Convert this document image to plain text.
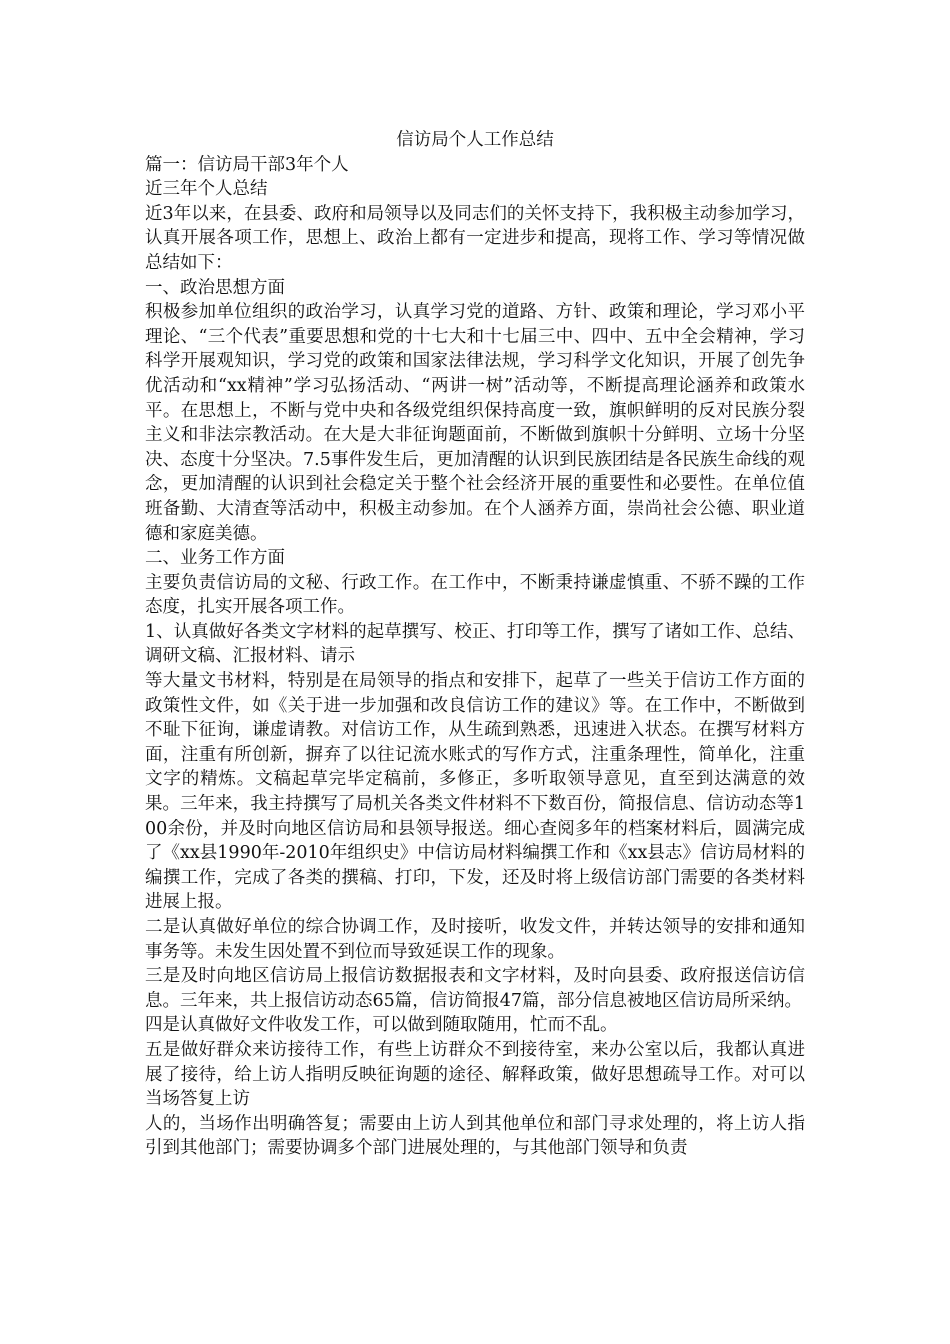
信访局个人工作总结

篇一：信访局干部3年个人

近三年个人总结

近3年以来，在县委、政府和局领导以及同志们的关怀支持下，我积极主动参加学习，认真开展各项工作，思想上、政治上都有一定进步和提高，现将工作、学习等情况做总结如下：

一、政治思想方面

积极参加单位组织的政治学习，认真学习党的道路、方针、政策和理论，学习邓小平理论、“三个代表”重要思想和党的十七大和十七届三中、四中、五中全会精神，学习科学开展观知识，学习党的政策和国家法律法规，学习科学文化知识，开展了创先争优活动和“xx精神”学习弘扬活动、“两讲一树”活动等，不断提高理论涵养和政策水平。在思想上，不断与党中央和各级党组织保持高度一致，旗帜鲜明的反对民族分裂主义和非法宗教活动。在大是大非征询题面前，不断做到旗帜十分鲜明、立场十分坚决、态度十分坚决。7.5事件发生后，更加清醒的认识到民族团结是各民族生命线的观念，更加清醒的认识到社会稳定关于整个社会经济开展的重要性和必要性。在单位值班备勤、大清查等活动中，积极主动参加。在个人涵养方面，崇尚社会公德、职业道德和家庭美德。

二、业务工作方面

主要负责信访局的文秘、行政工作。在工作中，不断秉持谦虚慎重、不骄不躁的工作态度，扎实开展各项工作。

1、认真做好各类文字材料的起草撰写、校正、打印等工作，撰写了诸如工作、总结、调研文稿、汇报材料、请示

等大量文书材料，特别是在局领导的指点和安排下，起草了一些关于信访工作方面的政策性文件，如《关于进一步加强和改良信访工作的建议》等。在工作中，不断做到不耻下征询，谦虚请教。对信访工作，从生疏到熟悉，迅速进入状态。在撰写材料方面，注重有所创新，摒弃了以往记流水账式的写作方式，注重条理性，简单化，注重文字的精炼。文稿起草完毕定稿前，多修正，多听取领导意见，直至到达满意的效果。三年来，我主持撰写了局机关各类文件材料不下数百份，简报信息、信访动态等100余份，并及时向地区信访局和县领导报送。细心查阅多年的档案材料后，圆满完成了《xx县1990年-2010年组织史》中信访局材料编撰工作和《xx县志》信访局材料的编撰工作，完成了各类的撰稿、打印，下发，还及时将上级信访部门需要的各类材料进展上报。

二是认真做好单位的综合协调工作，及时接听，收发文件，并转达领导的安排和通知事务等。未发生因处置不到位而导致延误工作的现象。

三是及时向地区信访局上报信访数据报表和文字材料，及时向县委、政府报送信访信息。三年来，共上报信访动态65篇，信访简报47篇，部分信息被地区信访局所采纳。

四是认真做好文件收发工作，可以做到随取随用，忙而不乱。

五是做好群众来访接待工作，有些上访群众不到接待室，来办公室以后，我都认真进展了接待，给上访人指明反映征询题的途径、解释政策，做好思想疏导工作。对可以当场答复上访

人的，当场作出明确答复；需要由上访人到其他单位和部门寻求处理的，将上访人指引到其他部门；需要协调多个部门进展处理的，与其他部门领导和负责
